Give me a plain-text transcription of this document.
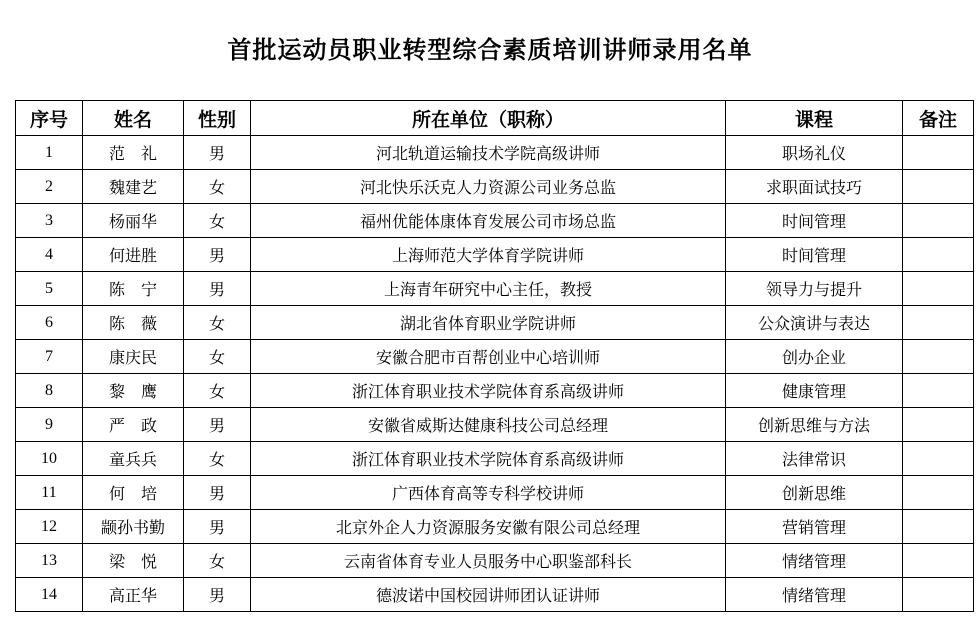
首批运动员职业转型综合素质培训讲师录用名单
序号	姓名	性别	所在单位（职称）	课程	备注
1	范　礼	男	河北轨道运输技术学院高级讲师	职场礼仪	
2	魏建艺	女	河北快乐沃克人力资源公司业务总监	求职面试技巧	
3	杨丽华	女	福州优能体康体育发展公司市场总监	时间管理	
4	何进胜	男	上海师范大学体育学院讲师	时间管理	
5	陈　宁	男	上海青年研究中心主任，教授	领导力与提升	
6	陈　薇	女	湖北省体育职业学院讲师	公众演讲与表达	
7	康庆民	女	安徽合肥市百帮创业中心培训师	创办企业	
8	黎　鹰	女	浙江体育职业技术学院体育系高级讲师	健康管理	
9	严　政	男	安徽省威斯达健康科技公司总经理	创新思维与方法	
10	童兵兵	女	浙江体育职业技术学院体育系高级讲师	法律常识	
11	何　培	男	广西体育高等专科学校讲师	创新思维	
12	颛孙书勤	男	北京外企人力资源服务安徽有限公司总经理	营销管理	
13	梁　悦	女	云南省体育专业人员服务中心职鉴部科长	情绪管理	
14	高正华	男	德波诺中国校园讲师团认证讲师	情绪管理	
